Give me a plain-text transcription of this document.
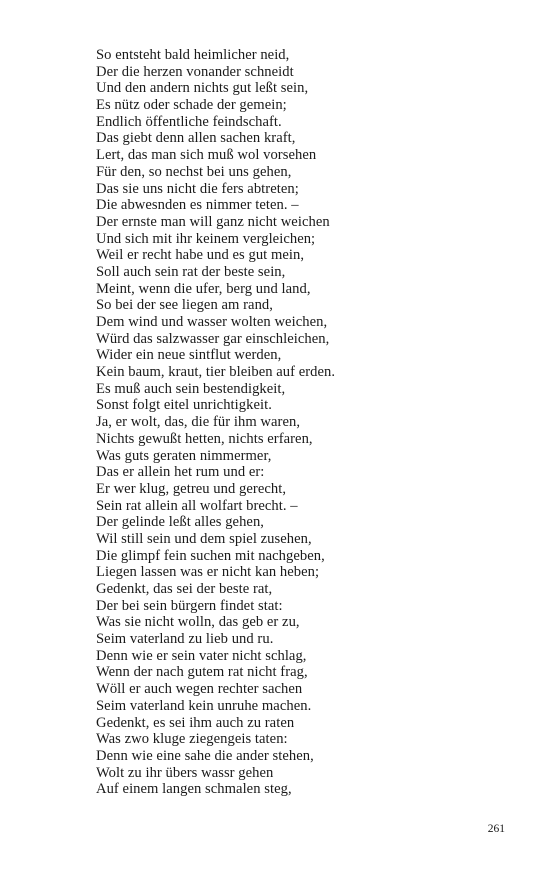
So entsteht bald heimlicher neid,
Der die herzen vonander schneidt
Und den andern nichts gut leßt sein,
Es nütz oder schade der gemein;
Endlich öffentliche feindschaft.
Das giebt denn allen sachen kraft,
Lert, das man sich muß wol vorsehen
Für den, so nechst bei uns gehen,
Das sie uns nicht die fers abtreten;
Die abwesnden es nimmer teten. –
Der ernste man will ganz nicht weichen
Und sich mit ihr keinem vergleichen;
Weil er recht habe und es gut mein,
Soll auch sein rat der beste sein,
Meint, wenn die ufer, berg und land,
So bei der see liegen am rand,
Dem wind und wasser wolten weichen,
Würd das salzwasser gar einschleichen,
Wider ein neue sintflut werden,
Kein baum, kraut, tier bleiben auf erden.
Es muß auch sein bestendigkeit,
Sonst folgt eitel unrichtigkeit.
Ja, er wolt, das, die für ihm waren,
Nichts gewußt hetten, nichts erfaren,
Was guts geraten nimmermer,
Das er allein het rum und er:
Er wer klug, getreu und gerecht,
Sein rat allein all wolfart brecht. –
Der gelinde leßt alles gehen,
Wil still sein und dem spiel zusehen,
Die glimpf fein suchen mit nachgeben,
Liegen lassen was er nicht kan heben;
Gedenkt, das sei der beste rat,
Der bei sein bürgern findet stat:
Was sie nicht wolln, das geb er zu,
Seim vaterland zu lieb und ru.
Denn wie er sein vater nicht schlag,
Wenn der nach gutem rat nicht frag,
Wöll er auch wegen rechter sachen
Seim vaterland kein unruhe machen.
Gedenkt, es sei ihm auch zu raten
Was zwo kluge ziegengeis taten:
Denn wie eine sahe die ander stehen,
Wolt zu ihr übers wassr gehen
Auf einem langen schmalen steg,
261
